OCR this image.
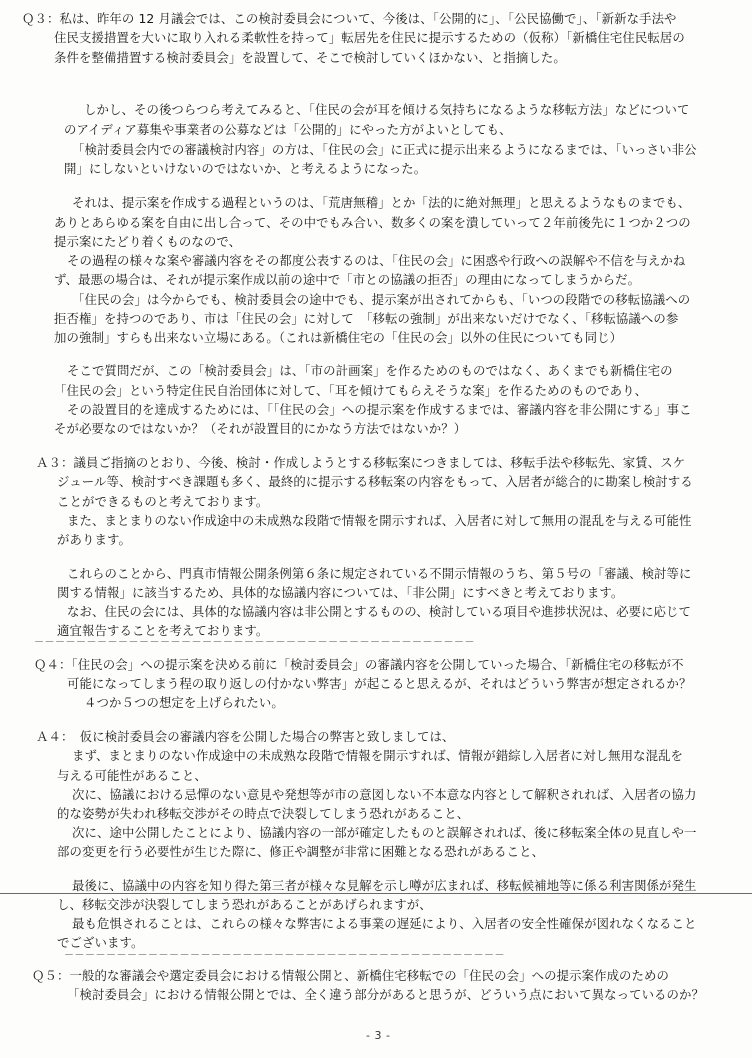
Ｑ３：私は、昨年の 12 月議会では、この検討委員会について、今後は、「公開的に」、「公民協働で」、「新新な手法や
住民支援措置を大いに取り入れる柔軟性を持って」転居先を住民に提示するための（仮称）「新橋住宅住民転居の
条件を整備措置する検討委員会」を設置して、そこで検討していくほかない、と指摘した。
しかし、その後つらつら考えてみると、「住民の会が耳を傾ける気持ちになるような移転方法」などについて
のアイディア募集や事業者の公募などは「公開的」にやった方がよいとしても、
「検討委員会内での審議検討内容」の方は、「住民の会」に正式に提示出来るようになるまでは、「いっさい非公
開」にしないといけないのではないか、と考えるようになった。
それは、提示案を作成する過程というのは、「荒唐無稽」とか「法的に絶対無理」と思えるようなものまでも、
ありとあらゆる案を自由に出し合って、その中でもみ合い、数多くの案を潰していって２年前後先に１つか２つの
提示案にたどり着くものなので、
その過程の様々な案や審議内容をその都度公表するのは、「住民の会」に困惑や行政への誤解や不信を与えかね
ず、最悪の場合は、それが提示案作成以前の途中で「市との協議の拒否」の理由になってしまうからだ。
「住民の会」は今からでも、検討委員会の途中でも、提示案が出されてからも、「いつの段階での移転協議への
拒否権」を持つのであり、市は「住民の会」に対して　「移転の強制」が出来ないだけでなく、「移転協議への参
加の強制」すらも出来ない立場にある。（これは新橋住宅の「住民の会」以外の住民についても同じ）
そこで質問だが、この「検討委員会」は、「市の計画案」を作るためのものではなく、あくまでも新橋住宅の
「住民の会」という特定住民自治団体に対して、「耳を傾けてもらえそうな案」を作るためのものであり、
その設置目的を達成するためには、「「住民の会」への提示案を作成するまでは、審議内容を非公開にする」事こ
そが必要なのではないか？（それが設置目的にかなう方法ではないか？）
Ａ３：議員ご指摘のとおり、今後、検討・作成しようとする移転案につきましては、移転手法や移転先、家賃、スケ
ジュール等、検討すべき課題も多く、最終的に提示する移転案の内容をもって、入居者が総合的に勘案し検討する
ことができるものと考えております。
また、まとまりのない作成途中の未成熟な段階で情報を開示すれば、入居者に対して無用の混乱を与える可能性
があります。
これらのことから、門真市情報公開条例第６条に規定されている不開示情報のうち、第５号の「審議、検討等に
関する情報」に該当するため、具体的な協議内容については、「非公開」にすべきと考えております。
なお、住民の会には、具体的な協議内容は非公開とするものの、検討している項目や進捗状況は、必要に応じて
適宜報告することを考えております。
－－－－－－－－－－－－－－－－－－－－－－－－－－－－－－－－－－－－－－－－－－
Ｑ４：「住民の会」への提示案を決める前に「検討委員会」の審議内容を公開していった場合、「新橋住宅の移転が不
可能になってしまう程の取り返しの付かない弊害」が起こると思えるが、それはどういう弊害が想定されるか？
４つか５つの想定を上げられたい。
Ａ４：　仮に検討委員会の審議内容を公開した場合の弊害と致しましては、
まず、まとまりのない作成途中の未成熟な段階で情報を開示すれば、情報が錯綜し入居者に対し無用な混乱を
与える可能性があること、
次に、協議における忌憚のない意見や発想等が市の意図しない不本意な内容として解釈されれば、入居者の協力
的な姿勢が失われ移転交渉がその時点で決裂してしまう恐れがあること、
次に、途中公開したことにより、協議内容の一部が確定したものと誤解されれば、後に移転案全体の見直しや一
部の変更を行う必要性が生じた際に、修正や調整が非常に困難となる恐れがあること、
最後に、協議中の内容を知り得た第三者が様々な見解を示し噂が広まれば、移転候補地等に係る利害関係が発生
し、移転交渉が決裂してしまう恐れがあることがあげられますが、
最も危惧されることは、これらの様々な弊害による事業の遅延により、入居者の安全性確保が図れなくなること
でございます。
－－－－－－－－－－－－－－－－－－－－－－－－－－－－－－－－－－－－－－－－－－
Ｑ５：一般的な審議会や選定委員会における情報公開と、新橋住宅移転での「住民の会」への提示案作成のための
「検討委員会」における情報公開とでは、全く違う部分があると思うが、どういう点において異なっているのか？
- 3 -
